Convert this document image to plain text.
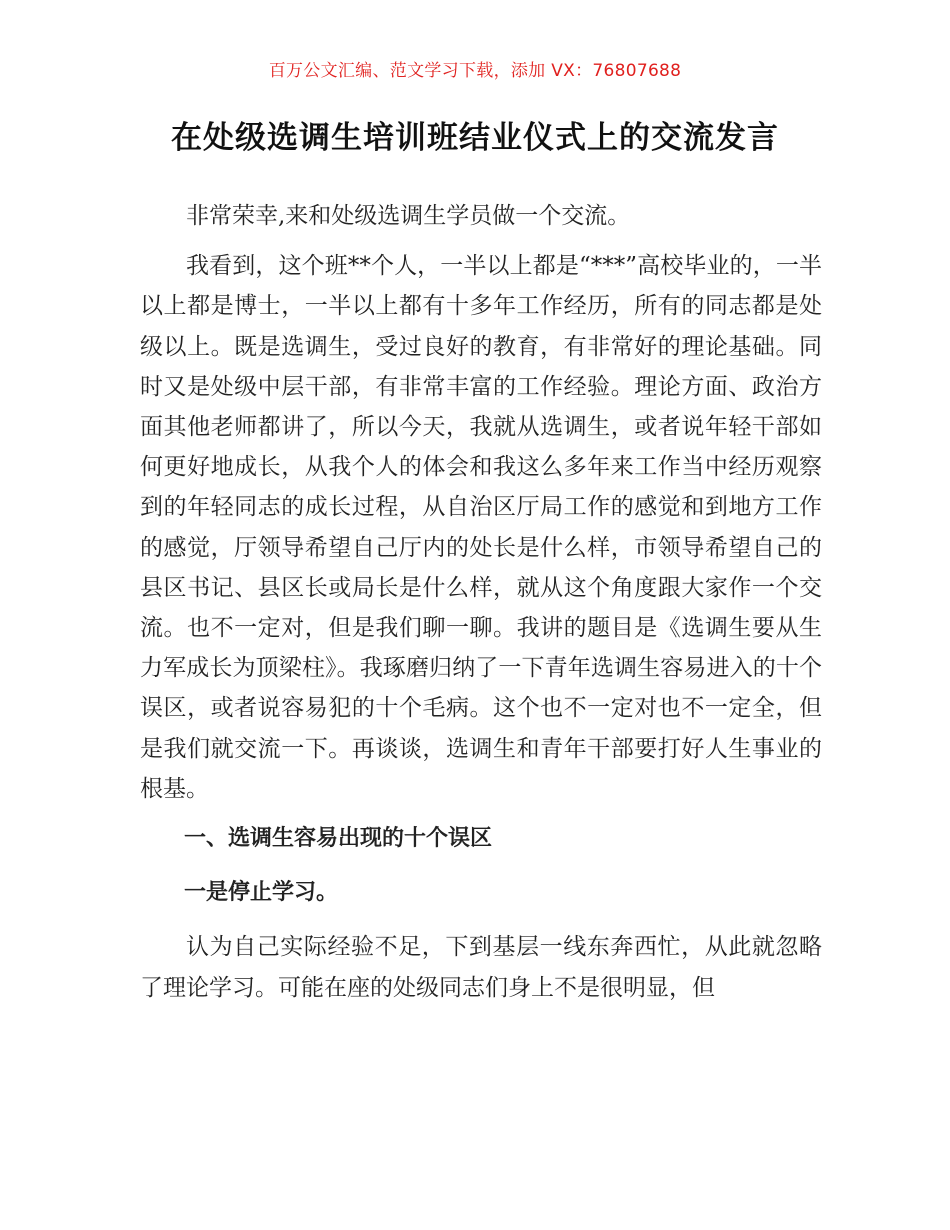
百万公文汇编、范文学习下载，添加 VX：76807688
在处级选调生培训班结业仪式上的交流发言

非常荣幸,来和处级选调生学员做一个交流。

我看到，这个班**个人，一半以上都是“***”高校毕业的，一半以上都是博士，一半以上都有十多年工作经历，所有的同志都是处级以上。既是选调生，受过良好的教育，有非常好的理论基础。同时又是处级中层干部，有非常丰富的工作经验。理论方面、政治方面其他老师都讲了，所以今天，我就从选调生，或者说年轻干部如何更好地成长，从我个人的体会和我这么多年来工作当中经历观察到的年轻同志的成长过程，从自治区厅局工作的感觉和到地方工作的感觉，厅领导希望自己厅内的处长是什么样，市领导希望自己的县区书记、县区长或局长是什么样，就从这个角度跟大家作一个交流。也不一定对，但是我们聊一聊。我讲的题目是《选调生要从生力军成长为顶梁柱》。我琢磨归纳了一下青年选调生容易进入的十个误区，或者说容易犯的十个毛病。这个也不一定对也不一定全，但是我们就交流一下。再谈谈，选调生和青年干部要打好人生事业的根基。

一、选调生容易出现的十个误区

一是停止学习。

认为自己实际经验不足，下到基层一线东奔西忙，从此就忽略了理论学习。可能在座的处级同志们身上不是很明显，但
